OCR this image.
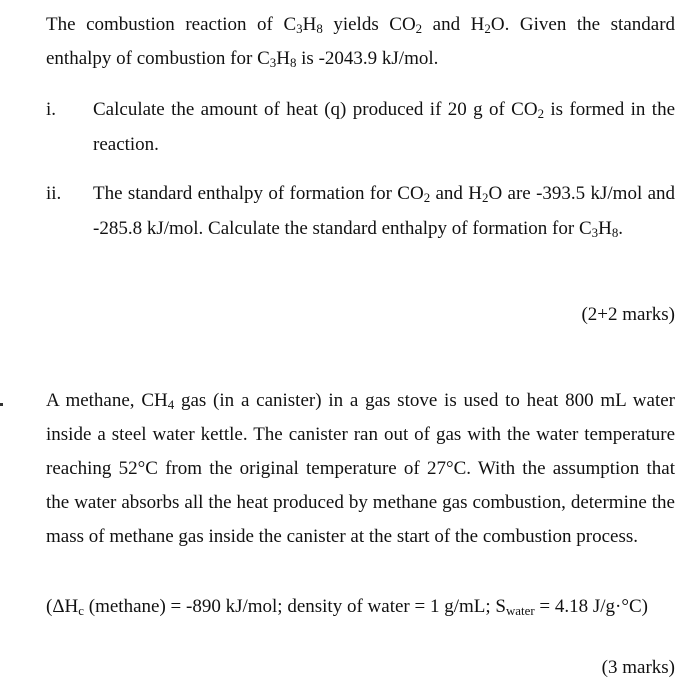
The combustion reaction of $C_3H_8$ yields $CO_2$ and $H_2O$. Given the standard enthalpy of combustion for $C_3H_8$ is -2043.9 kJ/mol.
i. Calculate the amount of heat (q) produced if 20 g of $CO_2$ is formed in the reaction.
ii. The standard enthalpy of formation for $CO_2$ and $H_2O$ are -393.5 kJ/mol and -285.8 kJ/mol. Calculate the standard enthalpy of formation for $C_3H_8$.
(2+2 marks)
A methane, $CH_4$ gas (in a canister) in a gas stove is used to heat 800 mL water inside a steel water kettle. The canister ran out of gas with the water temperature reaching 52°C from the original temperature of 27°C. With the assumption that the water absorbs all the heat produced by methane gas combustion, determine the mass of methane gas inside the canister at the start of the combustion process.
($\Delta H_c$ (methane) = -890 kJ/mol; density of water = 1 g/mL; $S_{water} = 4.18$ J/g·°C)
(3 marks)
